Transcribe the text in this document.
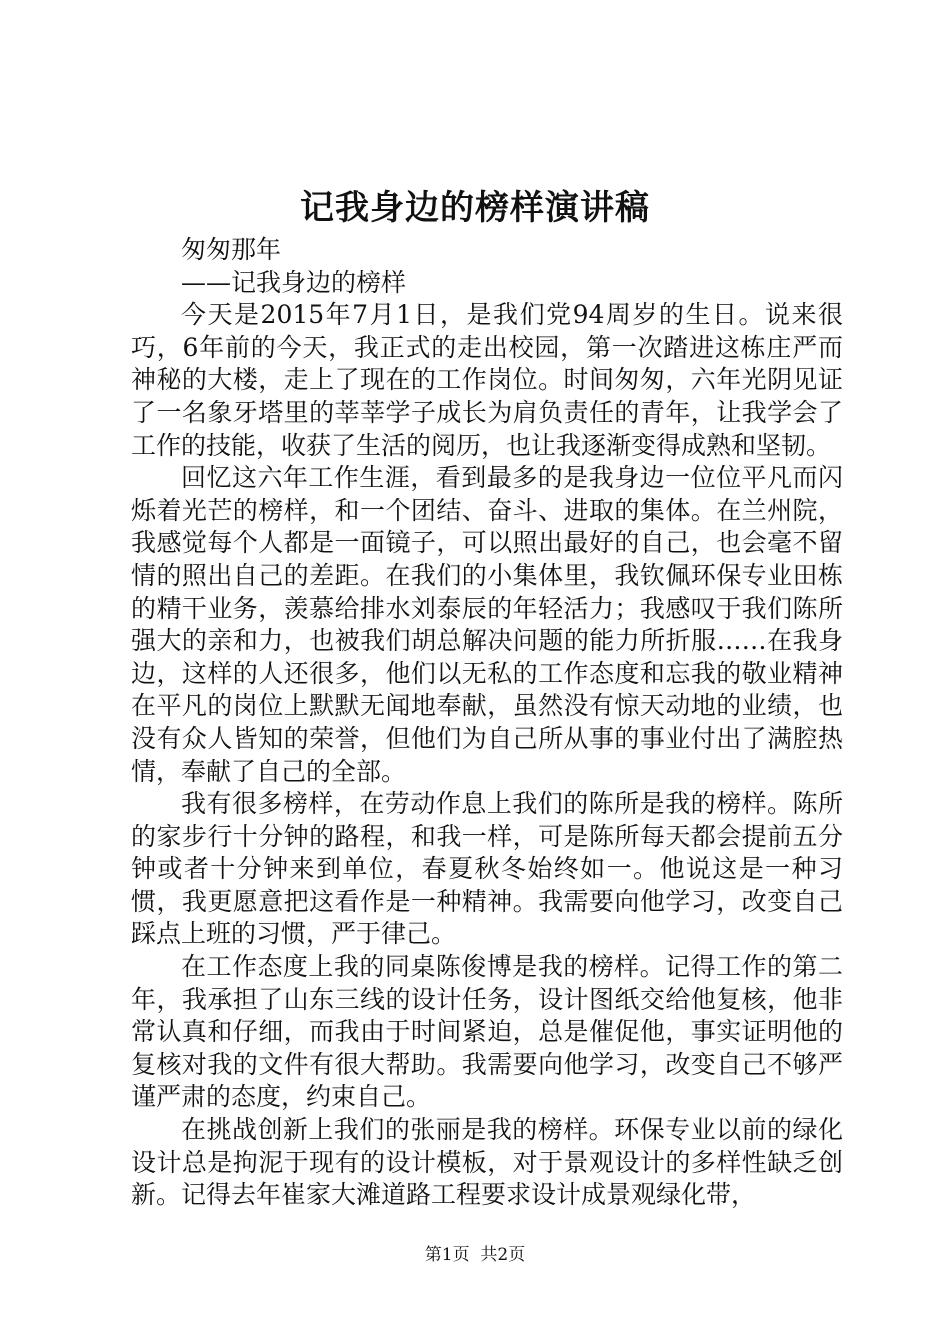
记我身边的榜样演讲稿

匆匆那年

——记我身边的榜样

今天是2015年7月1日，是我们党94周岁的生日。说来很巧，6年前的今天，我正式的走出校园，第一次踏进这栋庄严而神秘的大楼，走上了现在的工作岗位。时间匆匆，六年光阴见证了一名象牙塔里的莘莘学子成长为肩负责任的青年，让我学会了工作的技能，收获了生活的阅历，也让我逐渐变得成熟和坚韧。

回忆这六年工作生涯，看到最多的是我身边一位位平凡而闪烁着光芒的榜样，和一个团结、奋斗、进取的集体。在兰州院，我感觉每个人都是一面镜子，可以照出最好的自己，也会毫不留情的照出自己的差距。在我们的小集体里，我钦佩环保专业田栋的精干业务，羡慕给排水刘泰辰的年轻活力；我感叹于我们陈所强大的亲和力，也被我们胡总解决问题的能力所折服……在我身边，这样的人还很多，他们以无私的工作态度和忘我的敬业精神在平凡的岗位上默默无闻地奉献，虽然没有惊天动地的业绩，也没有众人皆知的荣誉，但他们为自己所从事的事业付出了满腔热情，奉献了自己的全部。

我有很多榜样，在劳动作息上我们的陈所是我的榜样。陈所的家步行十分钟的路程，和我一样，可是陈所每天都会提前五分钟或者十分钟来到单位，春夏秋冬始终如一。他说这是一种习惯，我更愿意把这看作是一种精神。我需要向他学习，改变自己踩点上班的习惯，严于律己。

在工作态度上我的同桌陈俊博是我的榜样。记得工作的第二年，我承担了山东三线的设计任务，设计图纸交给他复核，他非常认真和仔细，而我由于时间紧迫，总是催促他，事实证明他的复核对我的文件有很大帮助。我需要向他学习，改变自己不够严谨严肃的态度，约束自己。

在挑战创新上我们的张丽是我的榜样。环保专业以前的绿化设计总是拘泥于现有的设计模板，对于景观设计的多样性缺乏创新。记得去年崔家大滩道路工程要求设计成景观绿化带，

第1页 共2页
